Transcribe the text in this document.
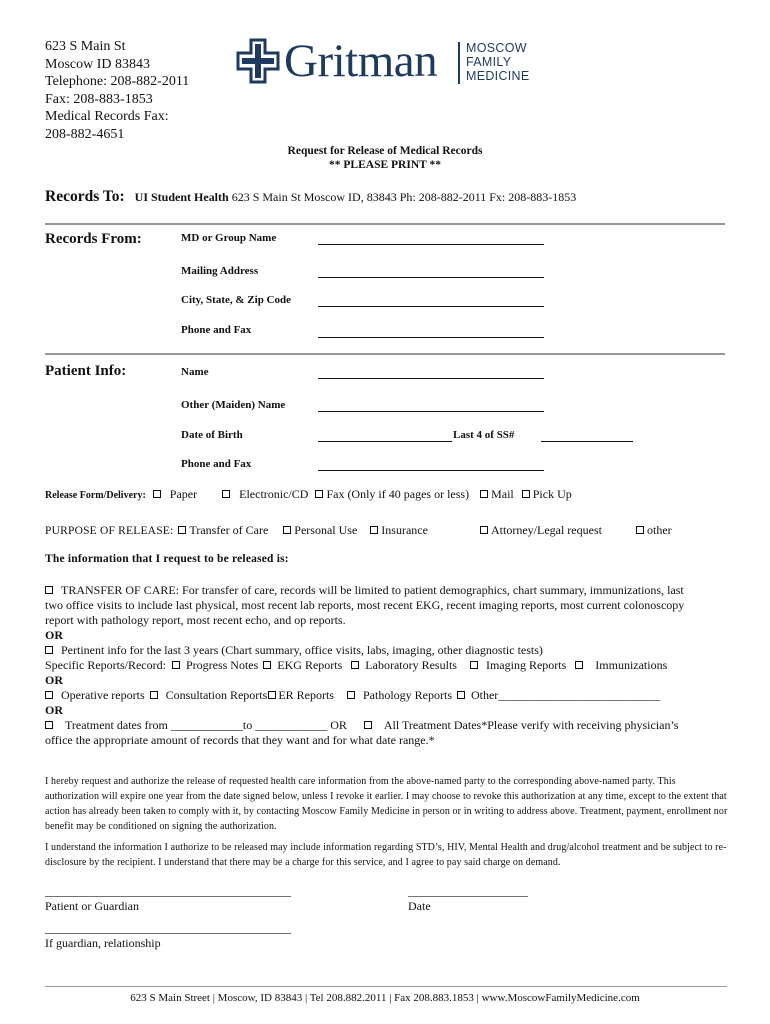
623 S Main St
Moscow ID 83843
Telephone: 208-882-2011
Fax: 208-883-1853
Medical Records Fax:
208-882-4651
Gritman MOSCOW
FAMILY
MEDICINE
Request for Release of Medical Records
** PLEASE PRINT **
Records To: UI Student Health 623 S Main St Moscow ID, 83843 Ph: 208-882-2011 Fx: 208-883-1853
Records From:	MD or Group Name
Mailing Address
City, State, & Zip Code
Phone and Fax
Patient Info:	Name
Other (Maiden) Name
Date of Birth	Last 4 of SS#
Phone and Fax
Release Form/Delivery: Paper	Electronic/CD Fax (Only if 40 pages or less) Mail Pick Up
PURPOSE OF RELEASE: Transfer of Care Personal Use Insurance	Attorney/Legal request	other
The information that I request to be released is:
TRANSFER OF CARE: For transfer of care, records will be limited to patient demographics, chart summary, immunizations, last
two office visits to include last physical, most recent lab reports, most recent EKG, recent imaging reports, most current colonoscopy
report with pathology report, most recent echo, and op reports.
OR
Pertinent info for the last 3 years (Chart summary, office visits, labs, imaging, other diagnostic tests)
Specific Reports/Record: Progress Notes EKG Reports Laboratory Results Imaging Reports Immunizations
OR
Operative reports Consultation Reports ER Reports Pathology Reports Other___________________________
OR
Treatment dates from ____________to ____________ OR	All Treatment Dates*Please verify with receiving physician’s
office the appropriate amount of records that they want and for what date range.*
I hereby request and authorize the release of requested health care information from the above-named party to the corresponding above-named party. This authorization will expire one year from the date signed below, unless I revoke it earlier. I may choose to revoke this authorization at any time, except to the extent that action has already been taken to comply with it, by contacting Moscow Family Medicine in person or in writing to address above. Treatment, payment, enrollment nor benefit may be conditioned on signing the authorization.
I understand the information I authorize to be released may include information regarding STD’s, HIV, Mental Health and drug/alcohol treatment and be subject to re-disclosure by the recipient. I understand that there may be a charge for this service, and I agree to pay said charge on demand.
_________________________________________
Patient or Guardian
____________________
Date
_________________________________________
If guardian, relationship
623 S Main Street | Moscow, ID 83843 | Tel 208.882.2011 | Fax 208.883.1853 | www.MoscowFamilyMedicine.com
